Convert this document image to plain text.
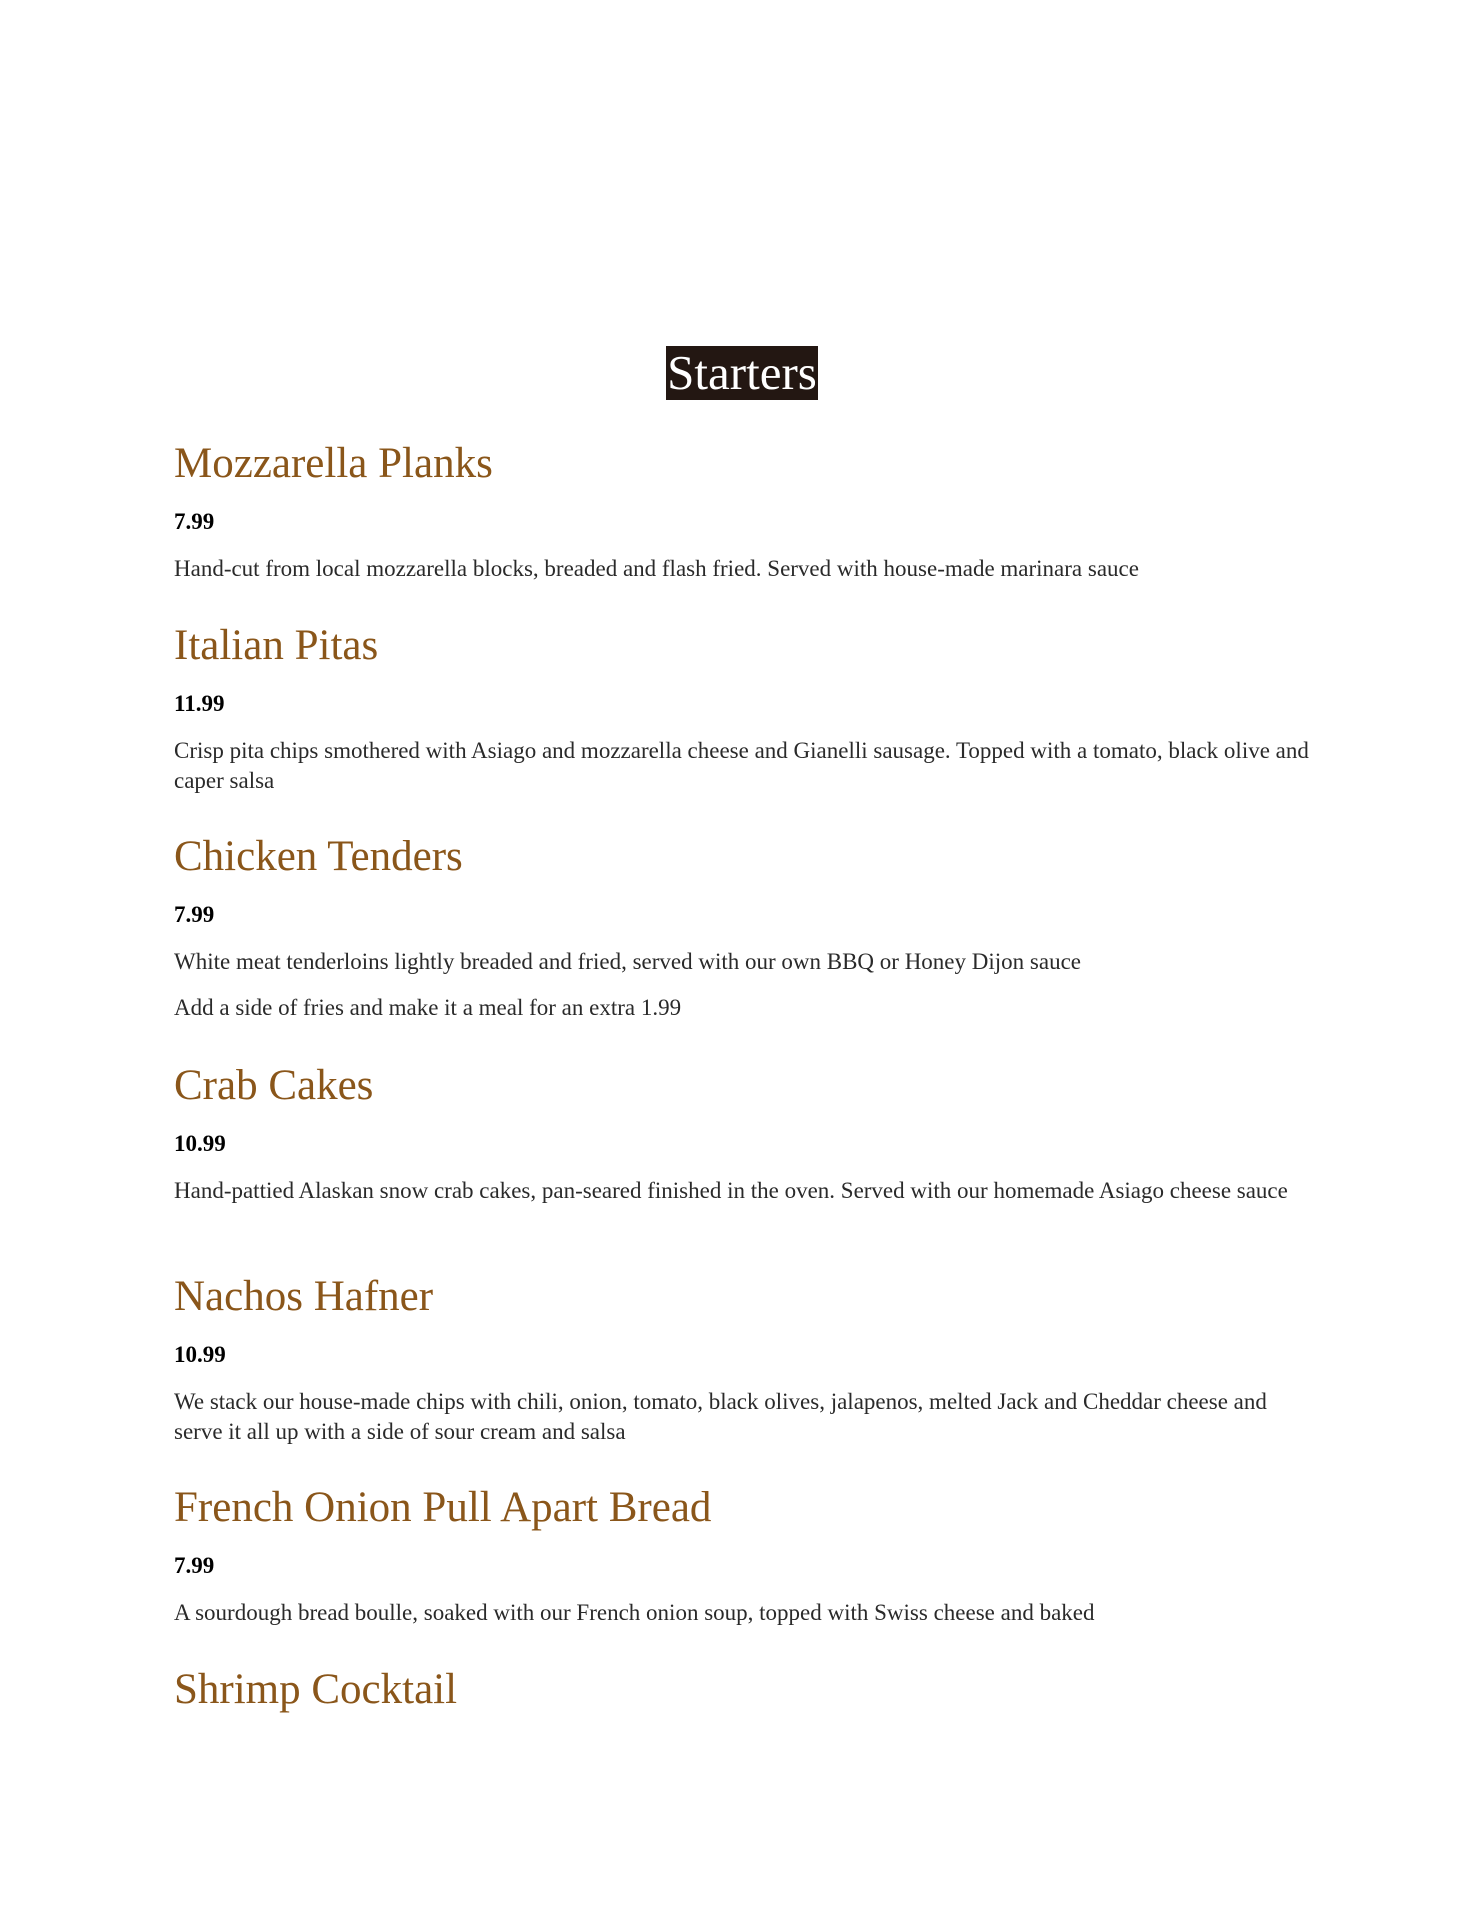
Starters
Mozzarella Planks
7.99
Hand-cut from local mozzarella blocks, breaded and flash fried. Served with house-made marinara sauce
Italian Pitas
11.99
Crisp pita chips smothered with Asiago and mozzarella cheese and Gianelli sausage. Topped with a tomato, black olive and caper salsa
Chicken Tenders
7.99
White meat tenderloins lightly breaded and fried, served with our own BBQ or Honey Dijon sauce
Add a side of fries and make it a meal for an extra 1.99
Crab Cakes
10.99
Hand-pattied Alaskan snow crab cakes, pan-seared finished in the oven. Served with our homemade Asiago cheese sauce
Nachos Hafner
10.99
We stack our house-made chips with chili, onion, tomato, black olives, jalapenos, melted Jack and Cheddar cheese and serve it all up with a side of sour cream and salsa
French Onion Pull Apart Bread
7.99
A sourdough bread boulle, soaked with our French onion soup, topped with Swiss cheese and baked
Shrimp Cocktail
